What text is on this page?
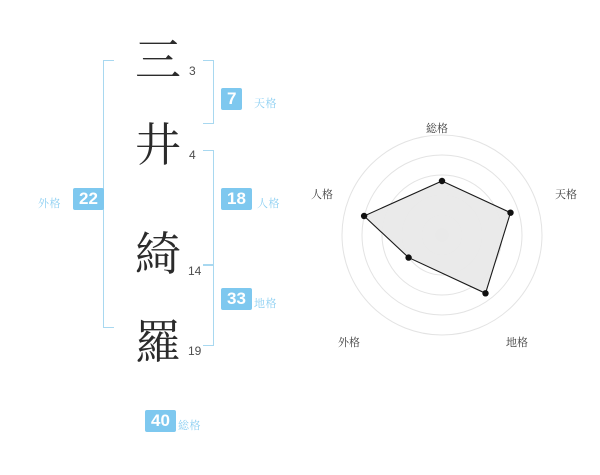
外格	22
三 3
井 4
綺 14
羅 19
7	天格
18	人格
33 地格
40 総格
総格
天格
地格
外格
人格
